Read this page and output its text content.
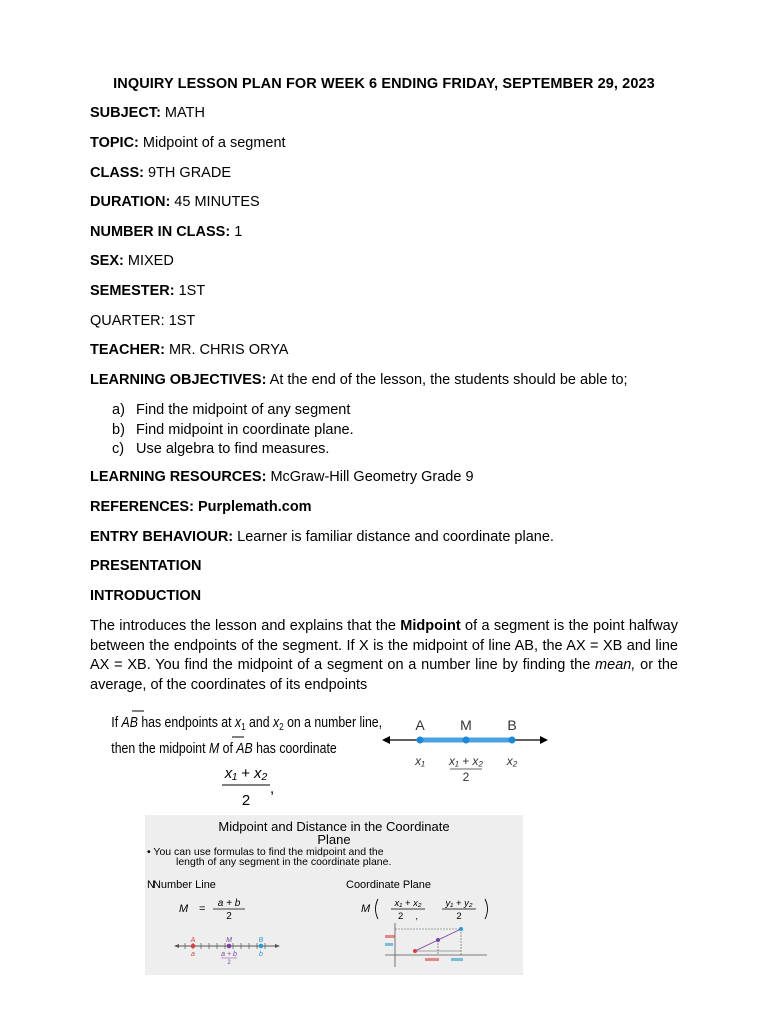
INQUIRY LESSON PLAN FOR WEEK 6 ENDING FRIDAY, SEPTEMBER 29, 2023
SUBJECT: MATH
TOPIC: Midpoint of a segment
CLASS: 9TH GRADE
DURATION: 45 MINUTES
NUMBER IN CLASS: 1
SEX: MIXED
SEMESTER: 1ST
QUARTER: 1ST
TEACHER: MR. CHRIS ORYA
LEARNING OBJECTIVES: At the end of the lesson, the students should be able to;
a) Find the midpoint of any segment
b) Find midpoint in coordinate plane.
c) Use algebra to find measures.
LEARNING RESOURCES: McGraw-Hill Geometry Grade 9
REFERENCES: Purplemath.com
ENTRY BEHAVIOUR: Learner is familiar distance and coordinate plane.
PRESENTATION
INTRODUCTION
The introduces the lesson and explains that the Midpoint of a segment is the point halfway between the endpoints of the segment. If X is the midpoint of line AB, the AX = XB and line AX = XB. You find the midpoint of a segment on a number line by finding the mean, or the average, of the coordinates of its endpoints
If AB has endpoints at $x_1$ and $x_2$ on a number line,
then the midpoint M of AB has coordinate
x₁ + x₂
2
,
A	M	B
x₁ x₁ + x₂
2
x₂
Midpoint and Distance in the Coordinate
Plane
• You can use formulas to find the midpoint and the
length of any segment in the coordinate plane.
NNumber Line	Coordinate Plane
M = a + b
2
M	x₁ + x₂
2 ,
y₁ + y₂
2
A	M	B
a	a + b
2
b
